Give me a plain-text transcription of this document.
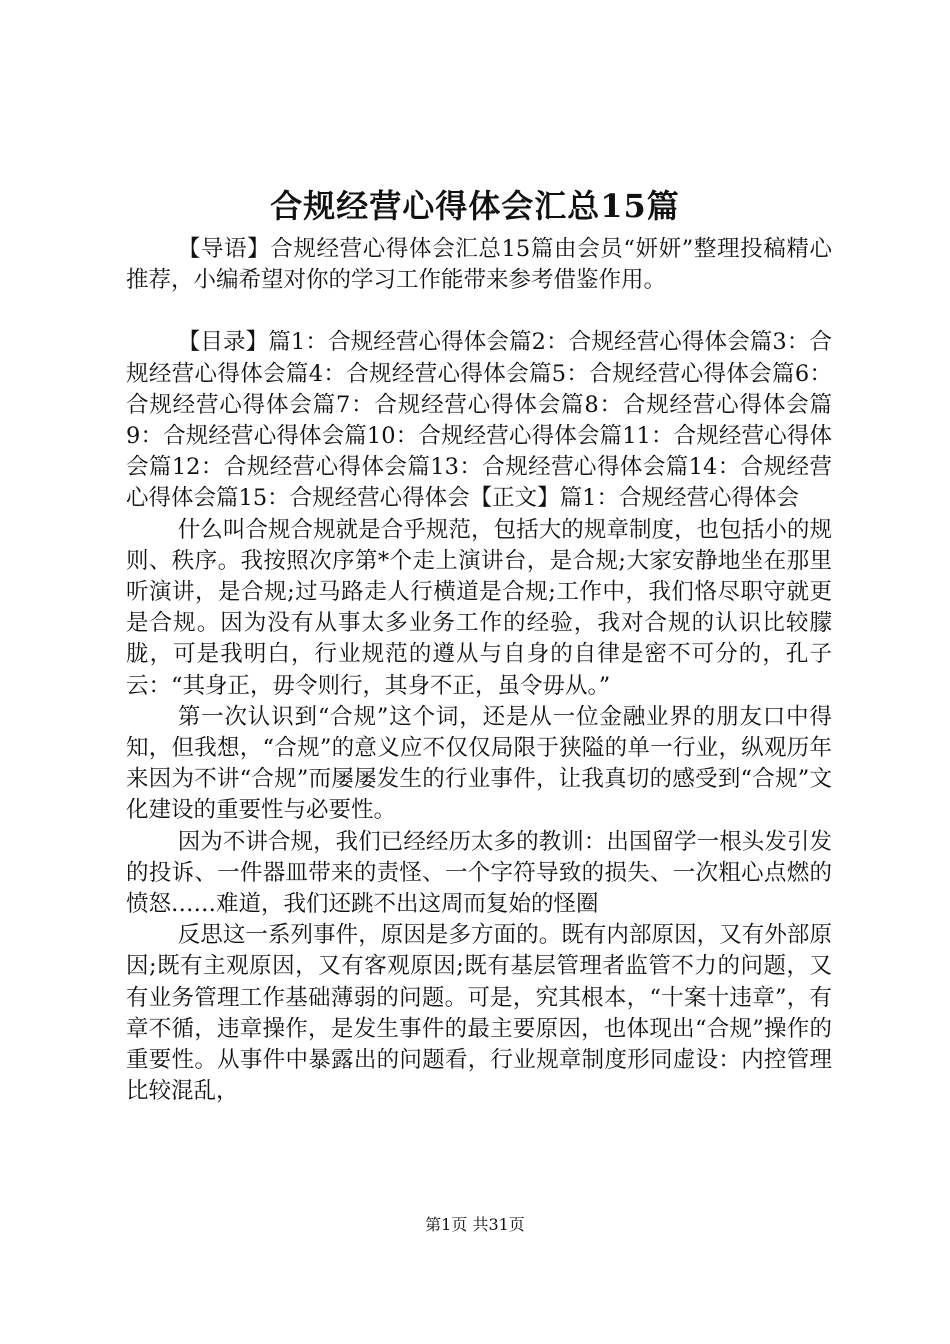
合规经营心得体会汇总15篇

【导语】合规经营心得体会汇总15篇由会员“妍妍”整理投稿精心推荐，小编希望对你的学习工作能带来参考借鉴作用。

【目录】篇1：合规经营心得体会篇2：合规经营心得体会篇3：合规经营心得体会篇4：合规经营心得体会篇5：合规经营心得体会篇6：合规经营心得体会篇7：合规经营心得体会篇8：合规经营心得体会篇9：合规经营心得体会篇10：合规经营心得体会篇11：合规经营心得体会篇12：合规经营心得体会篇13：合规经营心得体会篇14：合规经营心得体会篇15：合规经营心得体会【正文】篇1：合规经营心得体会

什么叫合规合规就是合乎规范，包括大的规章制度，也包括小的规则、秩序。我按照次序第*个走上演讲台，是合规;大家安静地坐在那里听演讲，是合规;过马路走人行横道是合规;工作中，我们恪尽职守就更是合规。因为没有从事太多业务工作的经验，我对合规的认识比较朦胧，可是我明白，行业规范的遵从与自身的自律是密不可分的，孔子云：“其身正，毋令则行，其身不正，虽令毋从。”

第一次认识到“合规”这个词，还是从一位金融业界的朋友口中得知，但我想，“合规”的意义应不仅仅局限于狭隘的单一行业，纵观历年来因为不讲“合规”而屡屡发生的行业事件，让我真切的感受到“合规”文化建设的重要性与必要性。

因为不讲合规，我们已经经历太多的教训：出国留学一根头发引发的投诉、一件器皿带来的责怪、一个字符导致的损失、一次粗心点燃的愤怒……难道，我们还跳不出这周而复始的怪圈

反思这一系列事件，原因是多方面的。既有内部原因，又有外部原因;既有主观原因，又有客观原因;既有基层管理者监管不力的问题，又有业务管理工作基础薄弱的问题。可是，究其根本，“十案十违章”，有章不循，违章操作，是发生事件的最主要原因，也体现出“合规”操作的重要性。从事件中暴露出的问题看，行业规章制度形同虚设：内控管理比较混乱，

第1页 共31页
